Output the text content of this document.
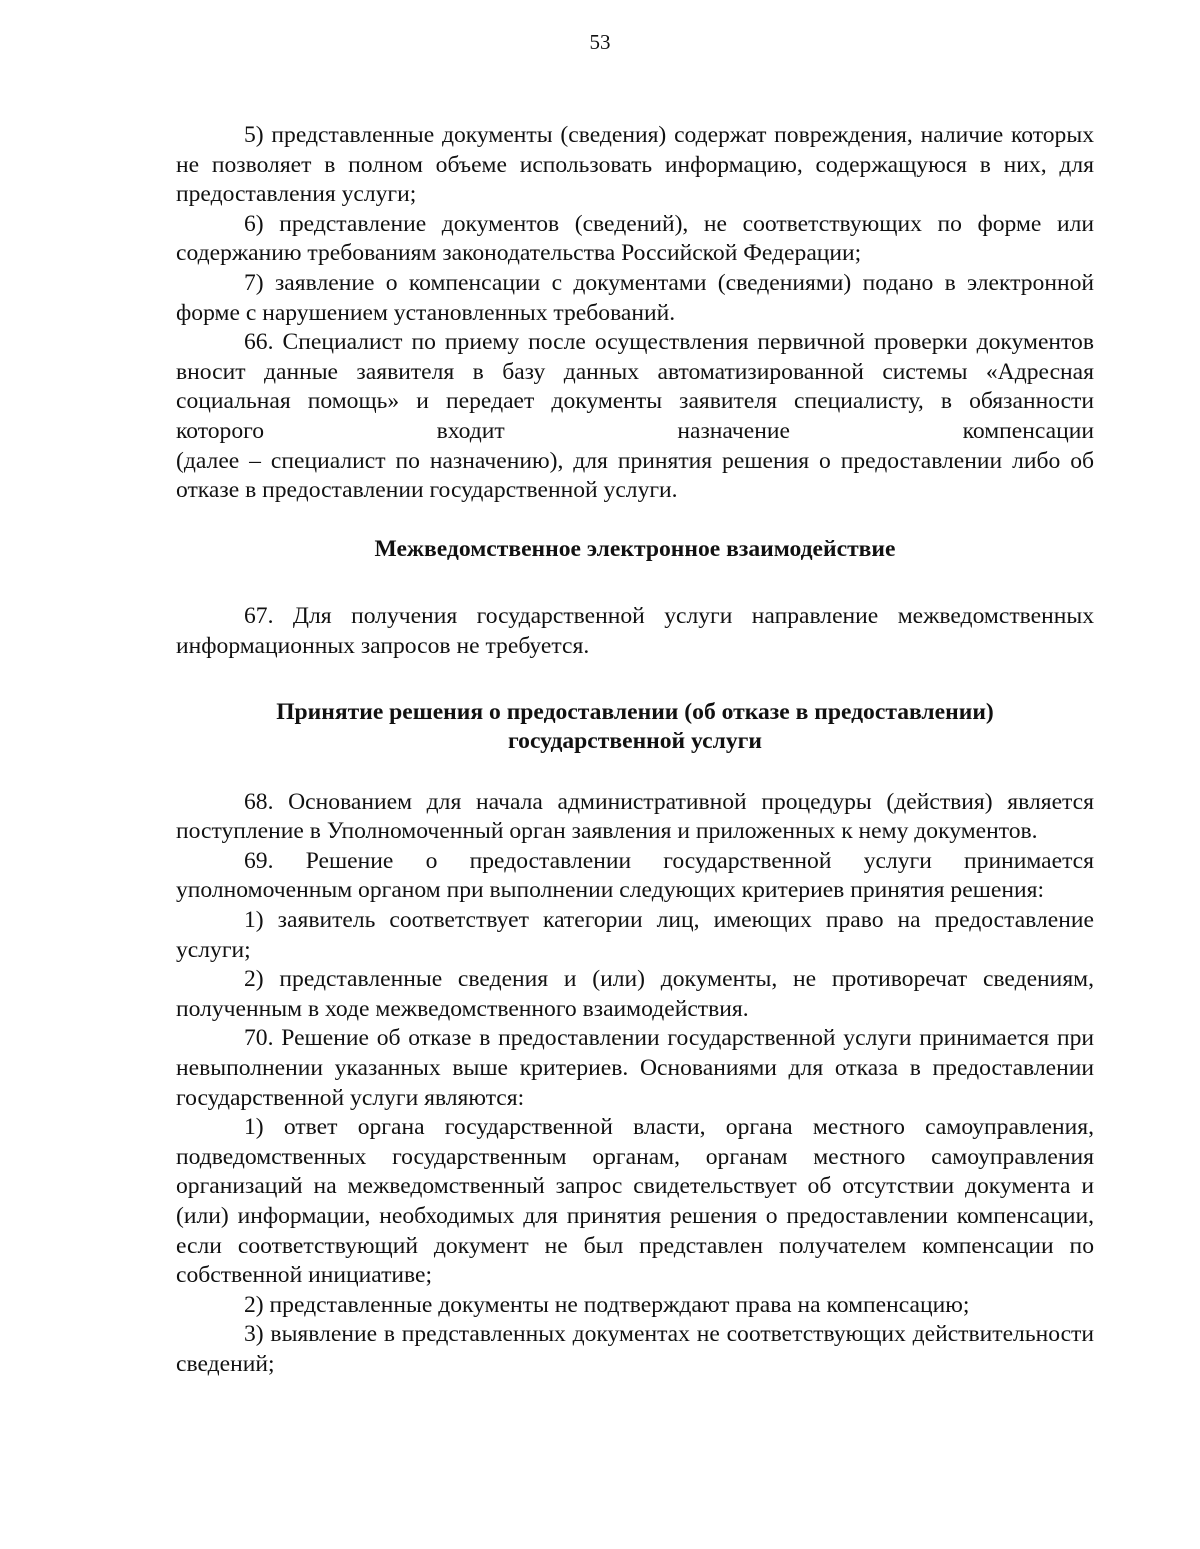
53

5) представленные документы (сведения) содержат повреждения, наличие которых не позволяет в полном объеме использовать информацию, содержащуюся в них, для предоставления услуги;

6) представление документов (сведений), не соответствующих по форме или содержанию требованиям законодательства Российской Федерации;

7) заявление о компенсации с документами (сведениями) подано в электронной форме с нарушением установленных требований.

66. Специалист по приему после осуществления первичной проверки документов вносит данные заявителя в базу данных автоматизированной системы «Адресная социальная помощь» и передает документы заявителя специалисту, в обязанности которого входит назначение компенсации

(далее – специалист по назначению), для принятия решения о предоставлении либо об отказе в предоставлении государственной услуги.

Межведомственное электронное взаимодействие

67. Для получения государственной услуги направление межведомственных информационных запросов не требуется.

Принятие решения о предоставлении (об отказе в предоставлении)
государственной услуги

68. Основанием для начала административной процедуры (действия) является поступление в Уполномоченный орган заявления и приложенных к нему документов.

69. Решение о предоставлении государственной услуги принимается уполномоченным органом при выполнении следующих критериев принятия решения:

1) заявитель соответствует категории лиц, имеющих право на предоставление услуги;

2) представленные сведения и (или) документы, не противоречат сведениям, полученным в ходе межведомственного взаимодействия.

70. Решение об отказе в предоставлении государственной услуги принимается при невыполнении указанных выше критериев. Основаниями для отказа в предоставлении государственной услуги являются:

1) ответ органа государственной власти, органа местного самоуправления, подведомственных государственным органам, органам местного самоуправления организаций на межведомственный запрос свидетельствует об отсутствии документа и (или) информации, необходимых для принятия решения о предоставлении компенсации, если соответствующий документ не был представлен получателем компенсации по собственной инициативе;

2) представленные документы не подтверждают права на компенсацию;

3) выявление в представленных документах не соответствующих действительности сведений;
